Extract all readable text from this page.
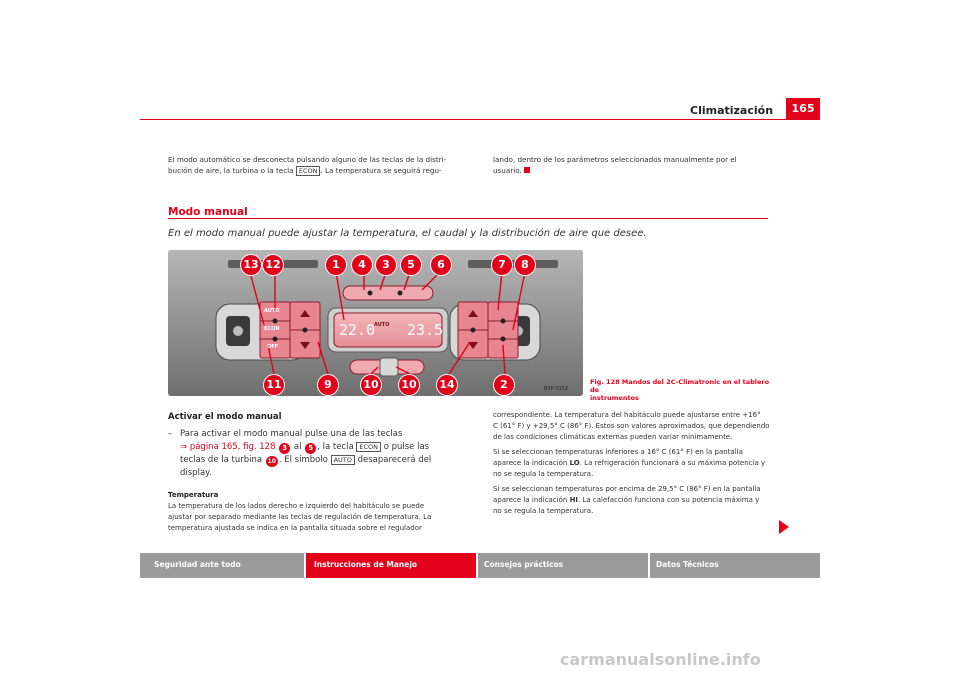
Climatización	165
El modo automático se desconecta pulsando alguno de las teclas de la distri-
bución de aire, la turbina o la tecla ECON . La temperatura se seguirá regu-
lando, dentro de los parámetros seleccionados manualmente por el
usuario.
Modo manual
En el modo manual puede ajustar la temperatura, el caudal y la distribución de aire que desee.
22.0
AUTO 23.5
AUTO
ECON
OFF
B5P-0152
13 12	1	4	3	5	6	7	8
11	9	10	10	14	2	Fig. 128 Mandos del 2C-Climatronic en el tablero de
instrumentos
Activar el modo manual
– Para activar el modo manual pulse una de las teclas
⇒ página 165, fig. 128 3 al 5 , la tecla ECON o pulse las
teclas de la turbina 10 . El símbolo AUTO desaparecerá del
display.
Temperatura
La temperatura de los lados derecho e izquierdo del habitáculo se puede
ajustar por separado mediante las teclas de regulación de temperatura. La
temperatura ajustada se indica en la pantalla situada sobre el regulador
correspondiente. La temperatura del habitáculo puede ajustarse entre +16°
C (61° F) y +29,5° C (86° F). Estos son valores aproximados, que dependiendo
de las condiciones climáticas externas pueden variar mínimamente.
Si se seleccionan temperaturas inferiores a 16° C (61° F) en la pantalla
aparece la indicación LO. La refrigeración funcionará a su máxima potencia y
no se regula la temperatura.
Si se seleccionan temperaturas por encima de 29,5° C (86° F) en la pantalla
aparece la indicación HI. La calefacción funciona con su potencia máxima y
no se regula la temperatura.
Seguridad ante todo	Instrucciones de Manejo	Consejos prácticos	Datos Técnicos
carmanualsonline.info
